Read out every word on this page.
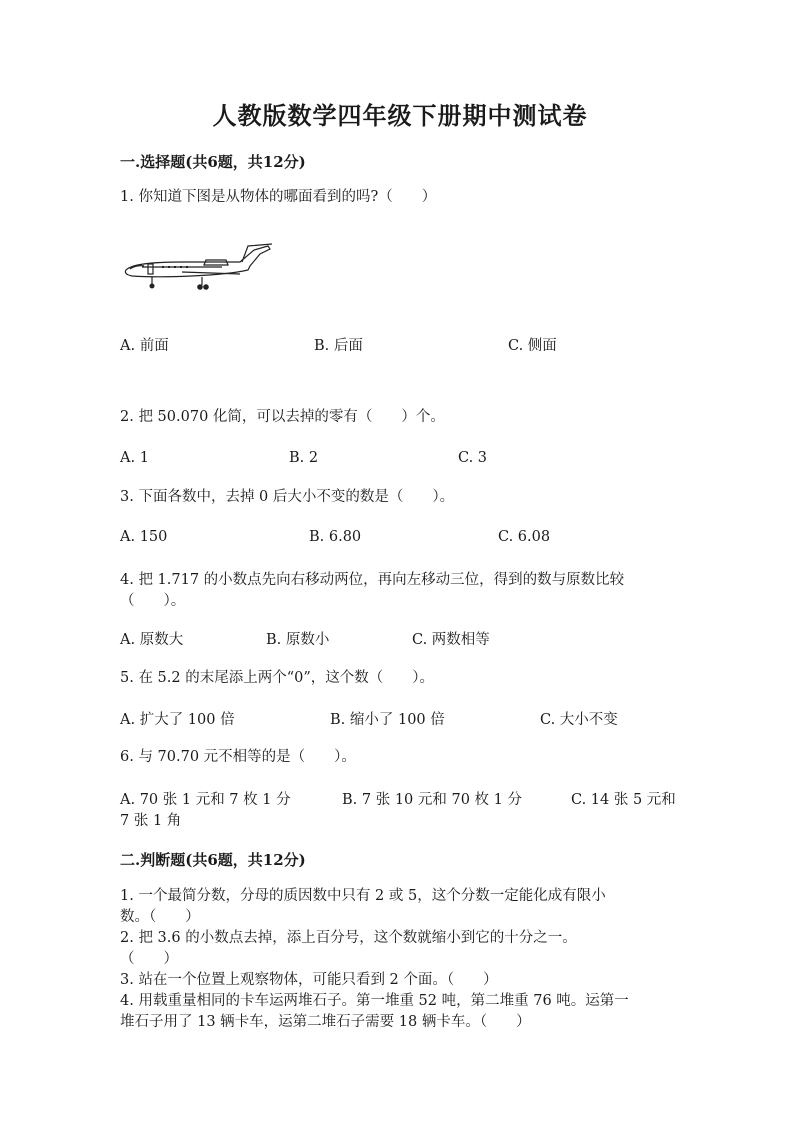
人教版数学四年级下册期中测试卷
一.选择题(共6题，共12分)
1. 你知道下图是从物体的哪面看到的吗?（　　）
A. 前面	B. 后面	C. 侧面
2. 把 50.070 化简，可以去掉的零有（　　）个。
A. 1	B. 2	C. 3
3. 下面各数中，去掉 0 后大小不变的数是（　　）。
A. 150	B. 6.80	C. 6.08
4. 把 1.717 的小数点先向右移动两位，再向左移动三位，得到的数与原数比较
（　　）。
A. 原数大	B. 原数小	C. 两数相等
5. 在 5.2 的末尾添上两个“0”，这个数（　　）。
A. 扩大了 100 倍	B. 缩小了 100 倍	C. 大小不变
6. 与 70.70 元不相等的是（　　）。
A. 70 张 1 元和 7 枚 1 分	B. 7 张 10 元和 70 枚 1 分	C. 14 张 5 元和
7 张 1 角
二.判断题(共6题，共12分)
1. 一个最简分数，分母的质因数中只有 2 或 5，这个分数一定能化成有限小
数。（　　）
2. 把 3.6 的小数点去掉，添上百分号，这个数就缩小到它的十分之一。
（　　）
3. 站在一个位置上观察物体，可能只看到 2 个面。（　　）
4. 用载重量相同的卡车运两堆石子。第一堆重 52 吨，第二堆重 76 吨。运第一
堆石子用了 13 辆卡车，运第二堆石子需要 18 辆卡车。（　　）
